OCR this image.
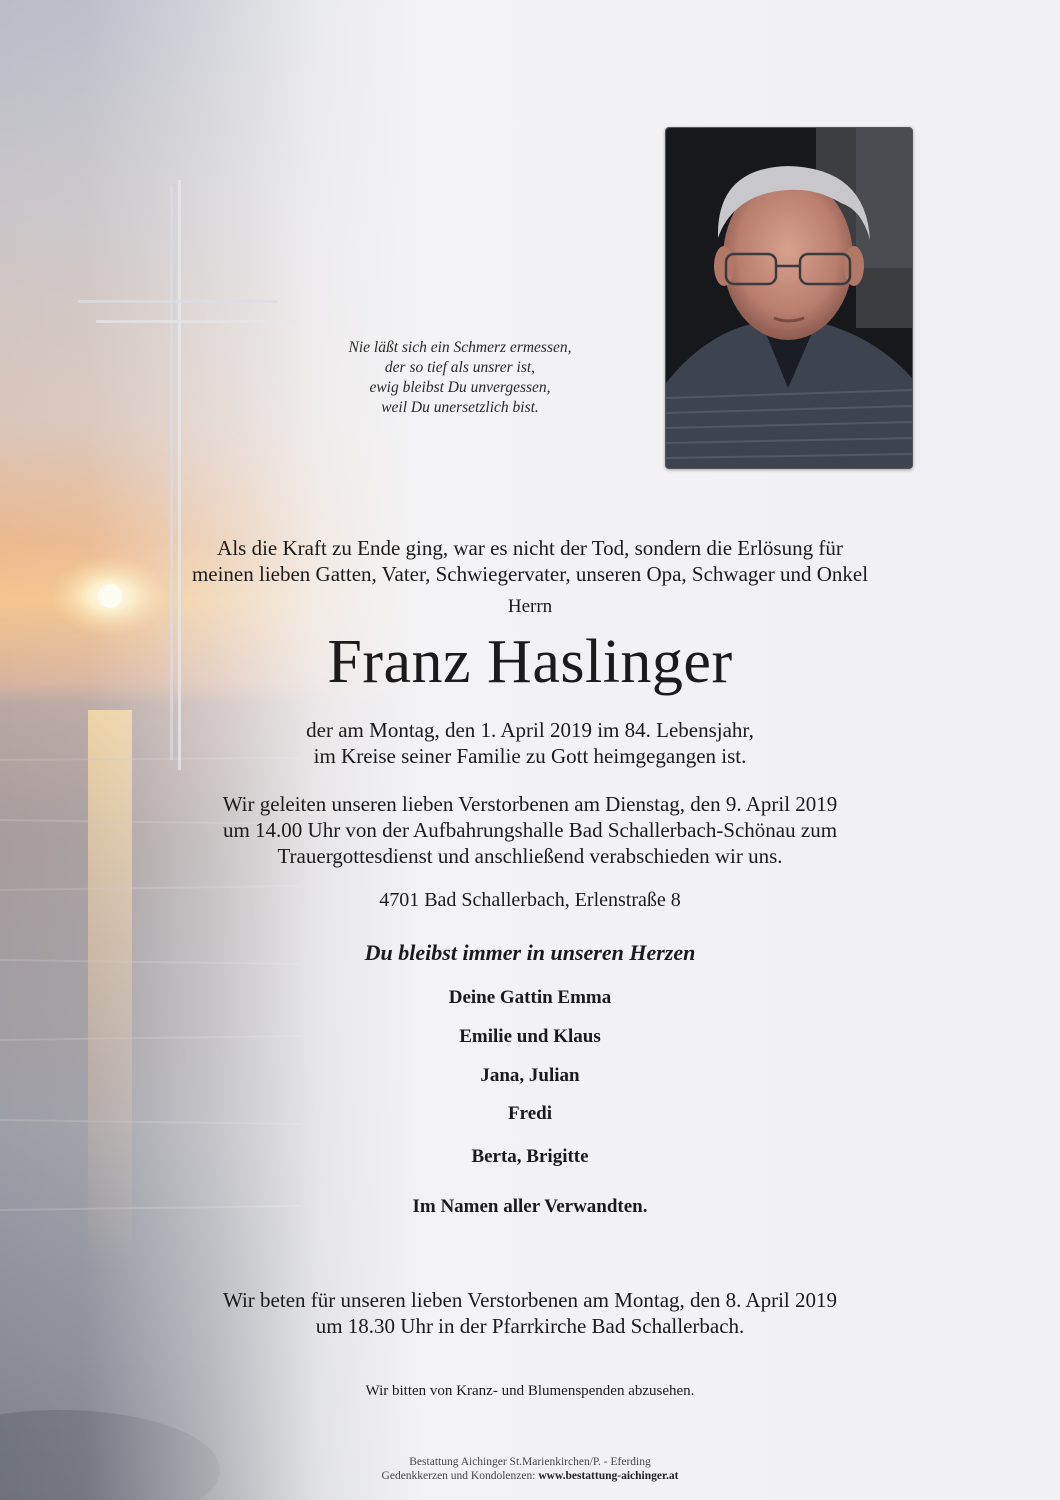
Nie läßt sich ein Schmerz ermessen,
der so tief als unsrer ist,
ewig bleibst Du unvergessen,
weil Du unersetzlich bist.
Als die Kraft zu Ende ging, war es nicht der Tod, sondern die Erlösung für
meinen lieben Gatten, Vater, Schwiegervater, unseren Opa, Schwager und Onkel
Herrn
Franz Haslinger
der am Montag, den 1. April 2019 im 84. Lebensjahr,
im Kreise seiner Familie zu Gott heimgegangen ist.
Wir geleiten unseren lieben Verstorbenen am Dienstag, den 9. April 2019
um 14.00 Uhr von der Aufbahrungshalle Bad Schallerbach-Schönau zum
Trauergottesdienst und anschließend verabschieden wir uns.
4701 Bad Schallerbach, Erlenstraße 8
Du bleibst immer in unseren Herzen
Deine Gattin Emma
Emilie und Klaus
Jana, Julian
Fredi
Berta, Brigitte
Im Namen aller Verwandten.
Wir beten für unseren lieben Verstorbenen am Montag, den 8. April 2019
um 18.30 Uhr in der Pfarrkirche Bad Schallerbach.
Wir bitten von Kranz- und Blumenspenden abzusehen.
Bestattung Aichinger St.Marienkirchen/P. - Eferding
Gedenkkerzen und Kondolenzen: www.bestattung-aichinger.at
